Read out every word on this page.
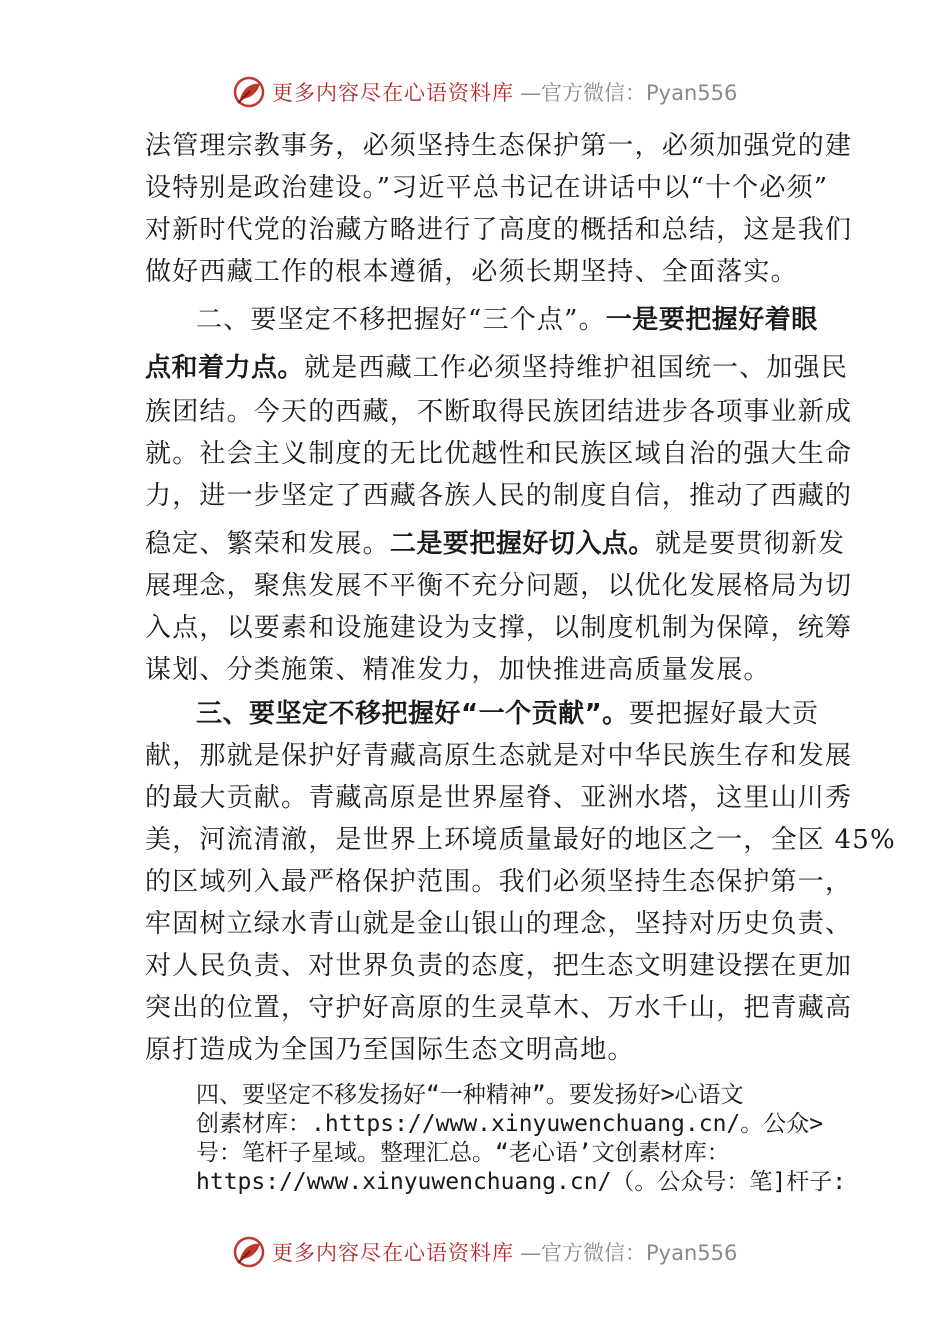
更多内容尽在心语资料库 —官方微信：Pyan556
法管理宗教事务，必须坚持生态保护第一，必须加强党的建
设特别是政治建设。”习近平总书记在讲话中以“十个必须”
对新时代党的治藏方略进行了高度的概括和总结，这是我们
做好西藏工作的根本遵循，必须长期坚持、全面落实。
二、要坚定不移把握好“三个点”。一是要把握好着眼
点和着力点。就是西藏工作必须坚持维护祖国统一、加强民
族团结。今天的西藏，不断取得民族团结进步各项事业新成
就。社会主义制度的无比优越性和民族区域自治的强大生命
力，进一步坚定了西藏各族人民的制度自信，推动了西藏的
稳定、繁荣和发展。二是要把握好切入点。就是要贯彻新发
展理念，聚焦发展不平衡不充分问题，以优化发展格局为切
入点，以要素和设施建设为支撑，以制度机制为保障，统筹
谋划、分类施策、精准发力，加快推进高质量发展。
三、要坚定不移把握好“一个贡献”。要把握好最大贡
献，那就是保护好青藏高原生态就是对中华民族生存和发展
的最大贡献。青藏高原是世界屋脊、亚洲水塔，这里山川秀
美，河流清澈，是世界上环境质量最好的地区之一，全区 45%
的区域列入最严格保护范围。我们必须坚持生态保护第一，
牢固树立绿水青山就是金山银山的理念，坚持对历史负责、
对人民负责、对世界负责的态度，把生态文明建设摆在更加
突出的位置，守护好高原的生灵草木、万水千山，把青藏高
原打造成为全国乃至国际生态文明高地。
四、要坚定不移发扬好“一种精神”。要发扬好>心语文
创素材库：.https://www.xinyuwenchuang.cn/。公众>
号：笔杆子星域。整理汇总。“老心语’文创素材库：
https://www.xinyuwenchuang.cn/（。公众号：笔]杆子:
更多内容尽在心语资料库 —官方微信：Pyan556
